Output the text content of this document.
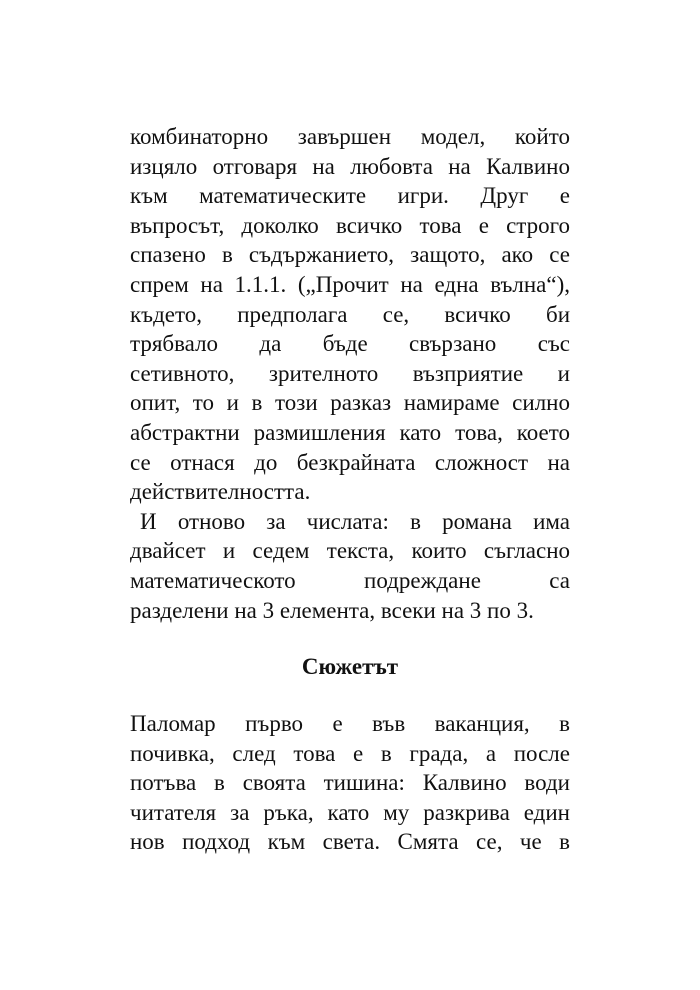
комбинаторно завършен модел, който
изцяло отговаря на любовта на Калвино
към математическите игри. Друг е
въпросът, доколко всичко това е строго
спазено в съдържанието, защото, ако се
спрем на 1.1.1. („Прочит на една вълна“),
където, предполага се, всичко би
трябвало да бъде свързано със
сетивното, зрителното възприятие и
опит, то и в този разказ намираме силно
абстрактни размишления като това, което
се отнася до безкрайната сложност на
действителността.
И отново за числата: в романа има
двайсет и седем текста, които съгласно
математическото подреждане са
разделени на 3 елемента, всеки на 3 по 3.
Сюжетът
Паломар първо е във ваканция, в
почивка, след това е в града, а после
потъва в своята тишина: Калвино води
читателя за ръка, като му разкрива един
нов подход към света. Смята се, че в
